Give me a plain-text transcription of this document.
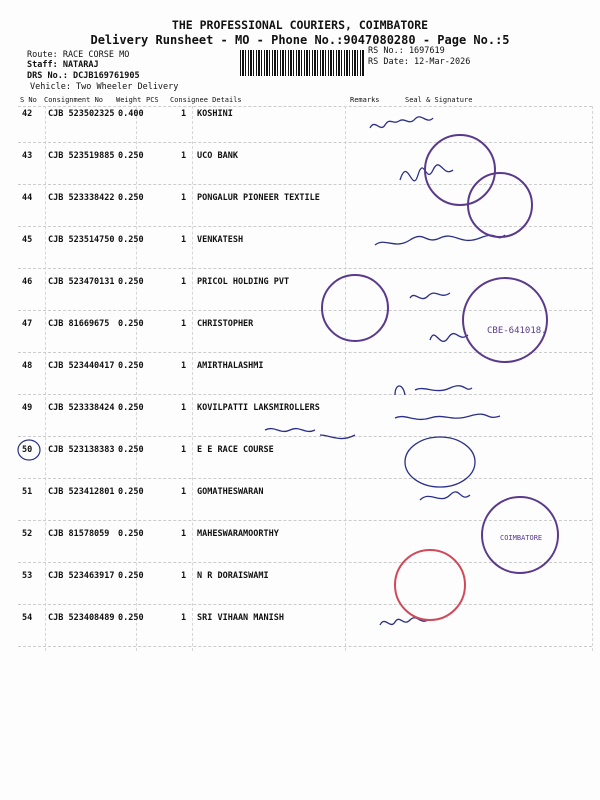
THE PROFESSIONAL COURIERS, COIMBATORE
Delivery Runsheet - MO - Phone No.:9047080280 - Page No.:5
Route: RACE CORSE MO
Staff: NATARAJ
DRS No.: DCJB169761905
Vehicle: Two Wheeler Delivery
RS No.: 1697619
RS Date: 12-Mar-2026
S No Consignment No Weight PCS Consignee Details	Remarks	Seal & Signature
42 CJB 523502325 0.400	1 KOSHINI
43 CJB 523519885 0.250	1 UCO BANK
44 CJB 523338422 0.250	1 PONGALUR PIONEER TEXTILE
45 CJB 523514750 0.250	1 VENKATESH
46 CJB 523470131 0.250	1 PRICOL HOLDING PVT
47 CJB 81669675 0.250	1 CHRISTOPHER
48 CJB 523440417 0.250	1 AMIRTHALASHMI
49 CJB 523338424 0.250	1 KOVILPATTI LAKSMIROLLERS
50 CJB 523138383 0.250	1 E E RACE COURSE
51 CJB 523412801 0.250	1 GOMATHESWARAN
52 CJB 81578059 0.250	1 MAHESWARAMOORTHY
53 CJB 523463917 0.250	1 N R DORAISWAMI
54 CJB 523408489 0.250	1 SRI VIHAAN MANISH
CBE-641018.
COIMBATORE
